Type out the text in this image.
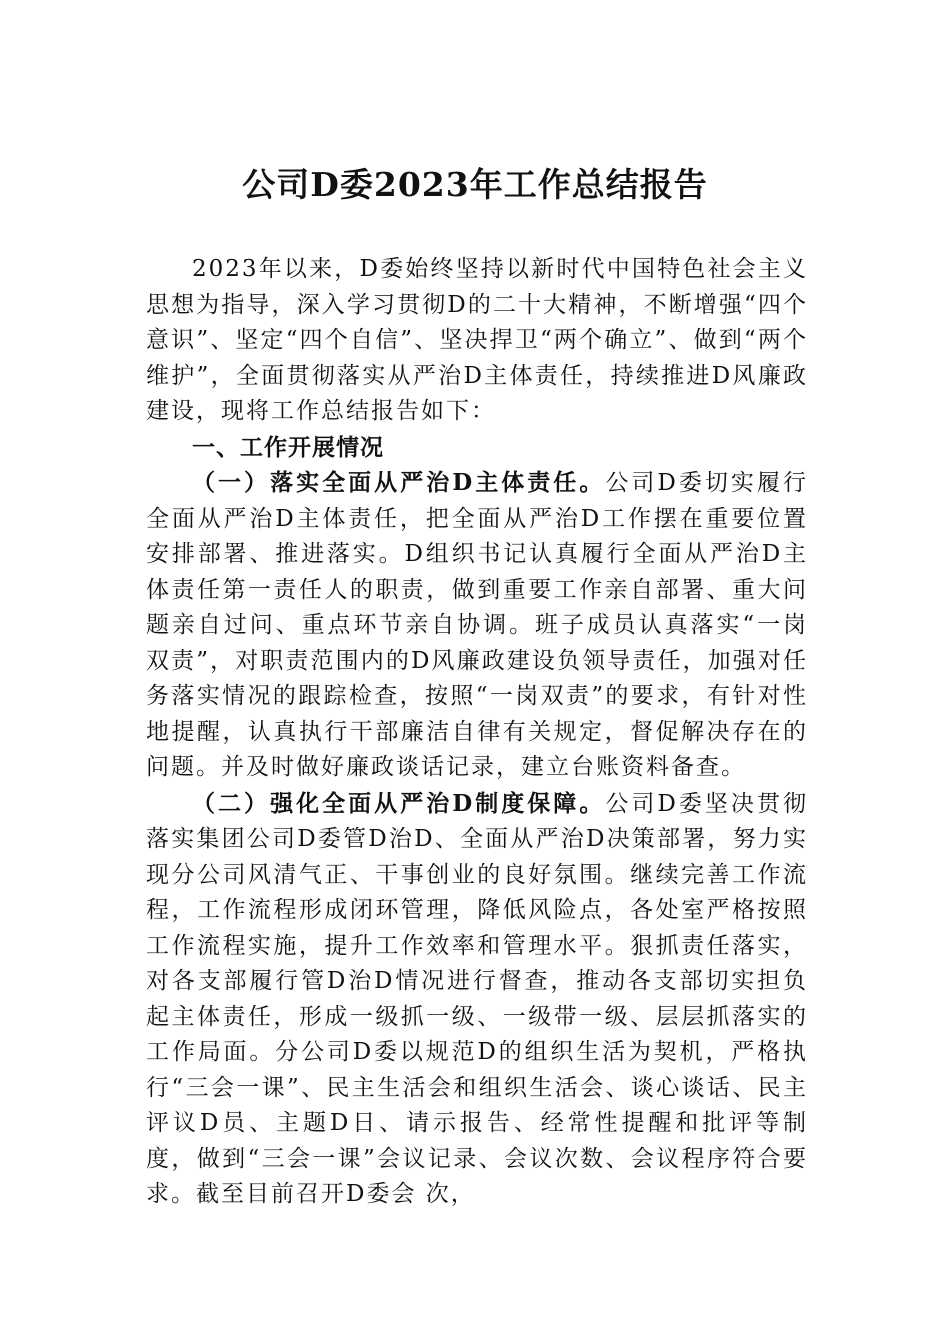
公司D委2023年工作总结报告

2023年以来，D委始终坚持以新时代中国特色社会主义思想为指导，深入学习贯彻D的二十大精神，不断增强“四个意识”、坚定“四个自信”、坚决捍卫“两个确立”、做到“两个维护”，全面贯彻落实从严治D主体责任，持续推进D风廉政建设，现将工作总结报告如下：

一、工作开展情况

（一）落实全面从严治D主体责任。公司D委切实履行全面从严治D主体责任，把全面从严治D工作摆在重要位置安排部署、推进落实。D组织书记认真履行全面从严治D主体责任第一责任人的职责，做到重要工作亲自部署、重大问题亲自过问、重点环节亲自协调。班子成员认真落实“一岗双责”，对职责范围内的D风廉政建设负领导责任，加强对任务落实情况的跟踪检查，按照“一岗双责”的要求，有针对性地提醒，认真执行干部廉洁自律有关规定，督促解决存在的问题。并及时做好廉政谈话记录，建立台账资料备查。

（二）强化全面从严治D制度保障。公司D委坚决贯彻落实集团公司D委管D治D、全面从严治D决策部署，努力实现分公司风清气正、干事创业的良好氛围。继续完善工作流程，工作流程形成闭环管理，降低风险点，各处室严格按照工作流程实施，提升工作效率和管理水平。狠抓责任落实，对各支部履行管D治D情况进行督查，推动各支部切实担负起主体责任，形成一级抓一级、一级带一级、层层抓落实的工作局面。分公司D委以规范D的组织生活为契机，严格执行“三会一课”、民主生活会和组织生活会、谈心谈话、民主评议D员、主题D日、请示报告、经常性提醒和批评等制度，做到“三会一课”会议记录、会议次数、会议程序符合要求。截至目前召开D委会 次，
